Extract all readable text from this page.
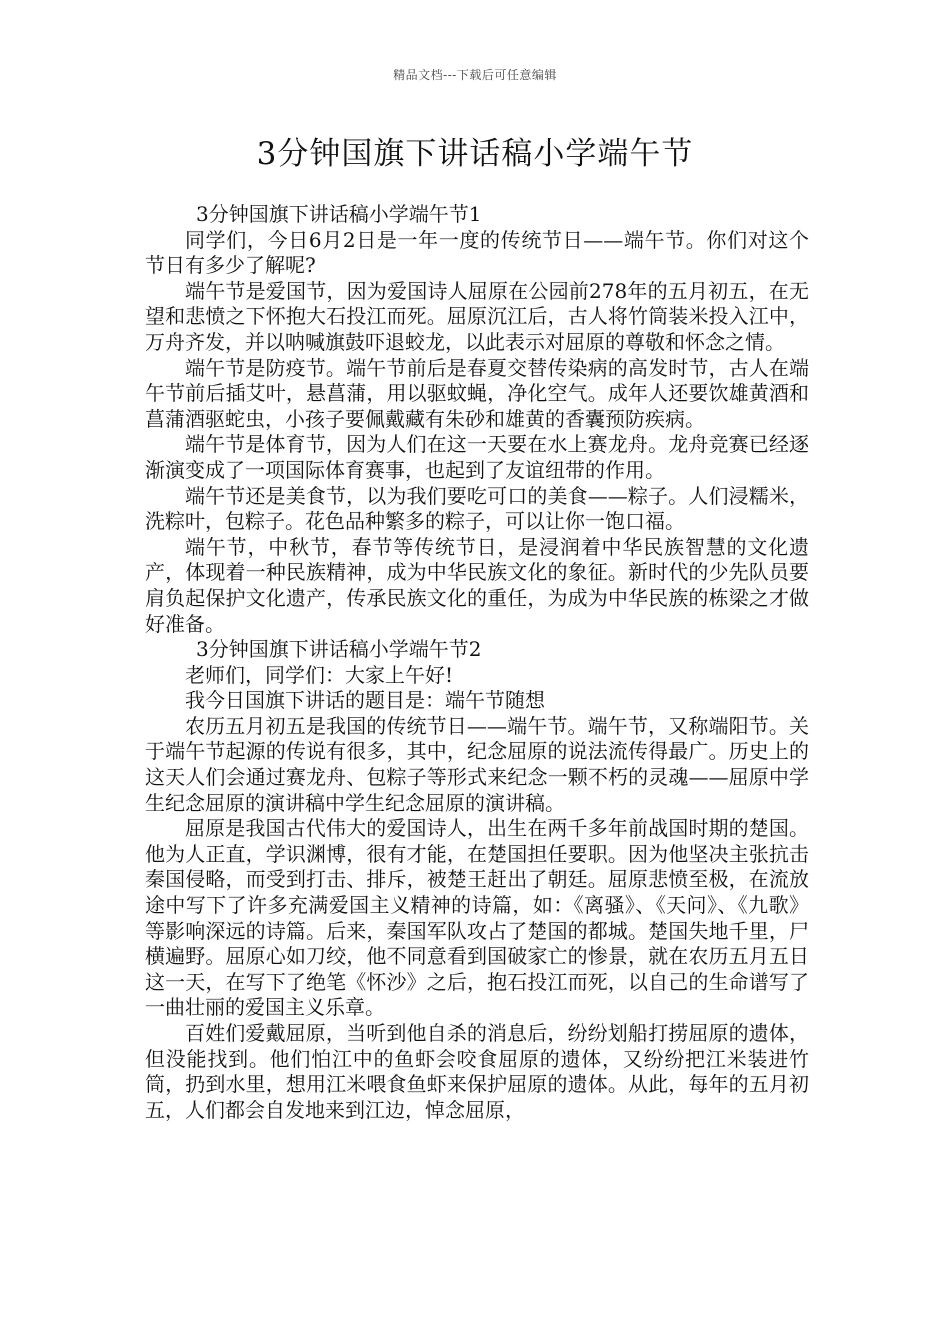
精品文档---下载后可任意编辑
3分钟国旗下讲话稿小学端午节

3分钟国旗下讲话稿小学端午节1

同学们，今日6月2日是一年一度的传统节日——端午节。你们对这个节日有多少了解呢?

端午节是爱国节，因为爱国诗人屈原在公园前278年的五月初五，在无望和悲愤之下怀抱大石投江而死。屈原沉江后，古人将竹筒装米投入江中，万舟齐发，并以呐喊旗鼓吓退蛟龙，以此表示对屈原的尊敬和怀念之情。

端午节是防疫节。端午节前后是春夏交替传染病的高发时节，古人在端午节前后插艾叶，悬菖蒲，用以驱蚊蝇，净化空气。成年人还要饮雄黄酒和菖蒲酒驱蛇虫，小孩子要佩戴藏有朱砂和雄黄的香囊预防疾病。

端午节是体育节，因为人们在这一天要在水上赛龙舟。龙舟竞赛已经逐渐演变成了一项国际体育赛事，也起到了友谊纽带的作用。

端午节还是美食节，以为我们要吃可口的美食——粽子。人们浸糯米，洗粽叶，包粽子。花色品种繁多的粽子，可以让你一饱口福。

端午节，中秋节，春节等传统节日，是浸润着中华民族智慧的文化遗产，体现着一种民族精神，成为中华民族文化的象征。新时代的少先队员要肩负起保护文化遗产，传承民族文化的重任，为成为中华民族的栋梁之才做好准备。

3分钟国旗下讲话稿小学端午节2

老师们，同学们：大家上午好!

我今日国旗下讲话的题目是：端午节随想

农历五月初五是我国的传统节日——端午节。端午节，又称端阳节。关于端午节起源的传说有很多，其中，纪念屈原的说法流传得最广。历史上的这天人们会通过赛龙舟、包粽子等形式来纪念一颗不朽的灵魂——屈原中学生纪念屈原的演讲稿中学生纪念屈原的演讲稿。

屈原是我国古代伟大的爱国诗人，出生在两千多年前战国时期的楚国。他为人正直，学识渊博，很有才能，在楚国担任要职。因为他坚决主张抗击秦国侵略，而受到打击、排斥，被楚王赶出了朝廷。屈原悲愤至极，在流放途中写下了许多充满爱国主义精神的诗篇，如：《离骚》、《天问》、《九歌》等影响深远的诗篇。后来，秦国军队攻占了楚国的都城。楚国失地千里，尸横遍野。屈原心如刀绞，他不同意看到国破家亡的惨景，就在农历五月五日这一天，在写下了绝笔《怀沙》之后，抱石投江而死，以自己的生命谱写了一曲壮丽的爱国主义乐章。

百姓们爱戴屈原，当听到他自杀的消息后，纷纷划船打捞屈原的遗体，但没能找到。他们怕江中的鱼虾会咬食屈原的遗体，又纷纷把江米装进竹筒，扔到水里，想用江米喂食鱼虾来保护屈原的遗体。从此，每年的五月初五，人们都会自发地来到江边，悼念屈原，
